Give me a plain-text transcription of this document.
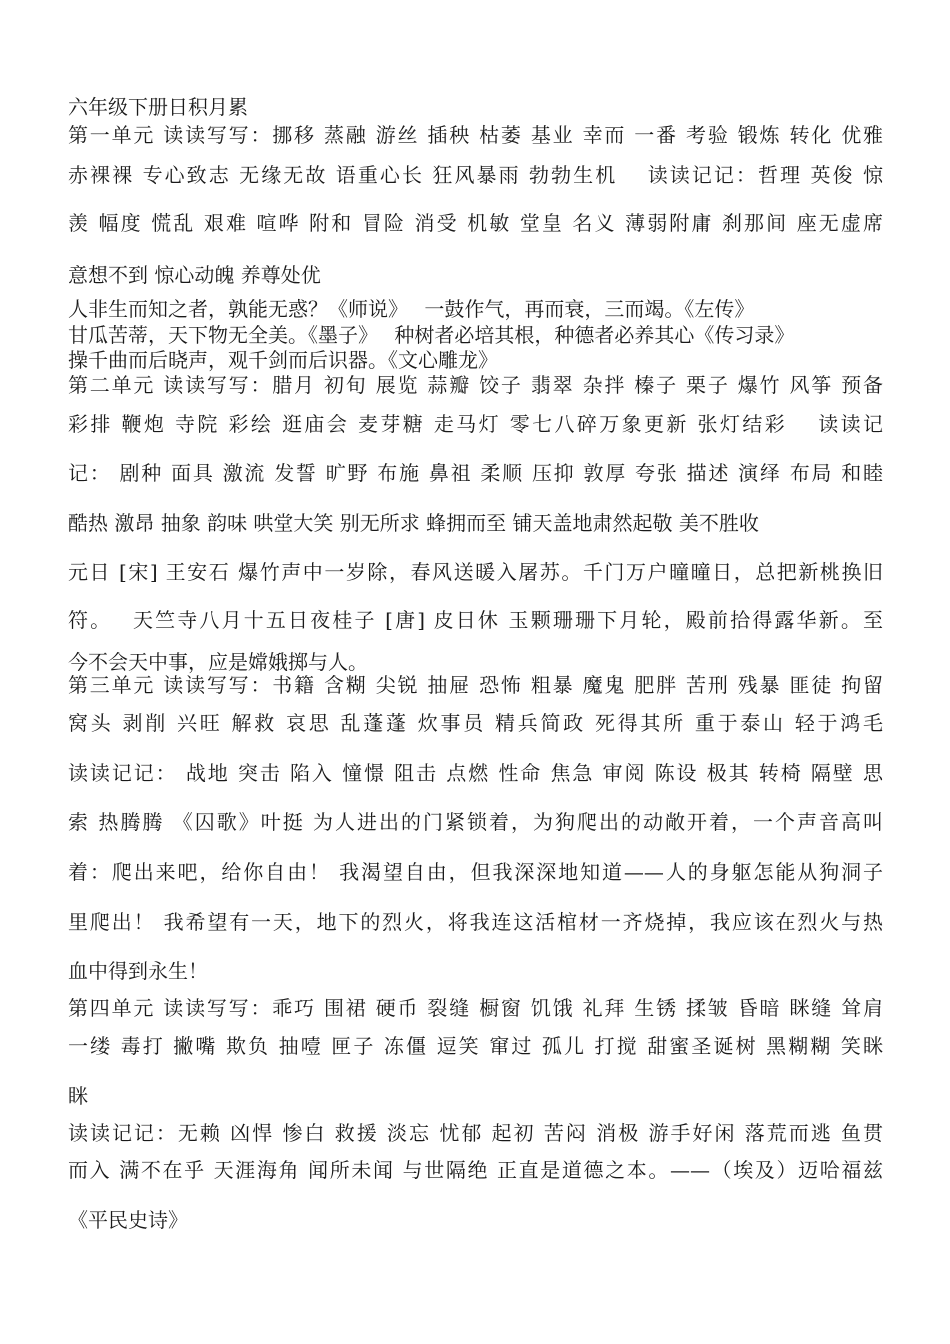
六年级下册日积月累
第一单元 读读写写：挪移 蒸融 游丝 插秧 枯萎 基业 幸而 一番 考验 锻炼 转化 优雅
赤裸裸 专心致志 无缘无故 语重心长 狂风暴雨 勃勃生机　 读读记记：哲理 英俊 惊
羡 幅度 慌乱 艰难 喧哗 附和 冒险 消受 机敏 堂皇 名义 薄弱附庸 刹那间 座无虚席
意想不到 惊心动魄 养尊处优
人非生而知之者，孰能无惑？《师说》　 一鼓作气，再而衰，三而竭。《左传》
甘瓜苦蒂，天下物无全美。《墨子》　 种树者必培其根，种德者必养其心《传习录》
操千曲而后晓声，观千剑而后识器。《文心雕龙》
第二单元 读读写写：腊月 初旬 展览 蒜瓣 饺子 翡翠 杂拌 榛子 栗子 爆竹 风筝 预备
彩排 鞭炮 寺院 彩绘 逛庙会 麦芽糖 走马灯 零七八碎万象更新 张灯结彩　 读读记
记： 剧种 面具 激流 发誓 旷野 布施 鼻祖 柔顺 压抑 敦厚 夸张 描述 演绎 布局 和睦
酷热 激昂 抽象 韵味 哄堂大笑 别无所求 蜂拥而至 铺天盖地肃然起敬 美不胜收
元日 [宋] 王安石 爆竹声中一岁除，春风送暖入屠苏。千门万户曈曈日，总把新桃换旧
符。　 天竺寺八月十五日夜桂子 [唐] 皮日休 玉颗珊珊下月轮，殿前拾得露华新。至
今不会天中事，应是嫦娥掷与人。
第三单元 读读写写：书籍 含糊 尖锐 抽屉 恐怖 粗暴 魔鬼 肥胖 苦刑 残暴 匪徒 拘留
窝头 剥削 兴旺 解救 哀思 乱蓬蓬 炊事员 精兵简政 死得其所 重于泰山 轻于鸿毛
读读记记： 战地 突击 陷入 憧憬 阻击 点燃 性命 焦急 审阅 陈设 极其 转椅 隔壁 思
索 热腾腾 《囚歌》叶挺 为人进出的门紧锁着，为狗爬出的动敞开着，一个声音高叫
着：爬出来吧，给你自由！ 我渴望自由，但我深深地知道——人的身躯怎能从狗洞子
里爬出！ 我希望有一天，地下的烈火，将我连这活棺材一齐烧掉，我应该在烈火与热
血中得到永生！
第四单元 读读写写：乖巧 围裙 硬币 裂缝 橱窗 饥饿 礼拜 生锈 揉皱 昏暗 眯缝 耸肩
一缕 毒打 撇嘴 欺负 抽噎 匣子 冻僵 逗笑 窜过 孤儿 打搅 甜蜜圣诞树 黑糊糊 笑眯
眯
读读记记：无赖 凶悍 惨白 救援 淡忘 忧郁 起初 苦闷 消极 游手好闲 落荒而逃 鱼贯
而入 满不在乎 天涯海角 闻所未闻 与世隔绝 正直是道德之本。——（埃及）迈哈福兹
《平民史诗》
